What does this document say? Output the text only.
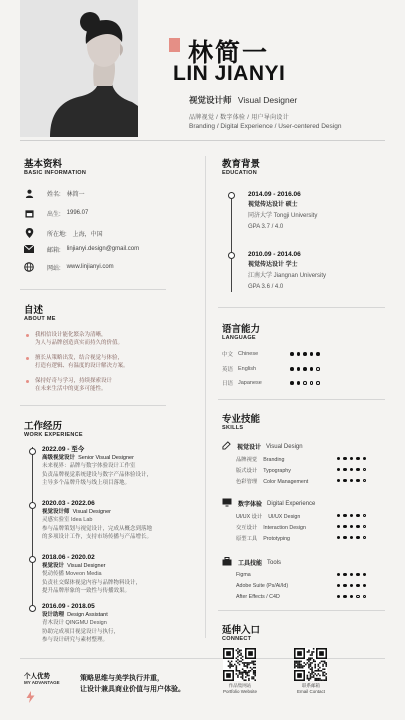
林简一
LIN JIANYI
视觉设计师 Visual Designer
品牌视觉 / 数字体验 / 用户导向设计
Branding / Digital Experience / User-centered Design
基本资料
BASIC INFORMATION
姓名: 林简一
出生: 1996.07
所在地: 上海，中国
邮箱: linjianyi.design@gmail.com
网站: www.linjianyi.com
自述
ABOUT ME
我相信设计能化繁杂为清晰，
为人与品牌创造真实而持久的价值。
擅长从策略出发，结合视觉与体验，
打造有逻辑、有温度的设计解决方案。
保持好奇与学习，持续探索设计
在未来生活中的更多可能性。
工作经历
WORK EXPERIENCE
2022.09 - 至今
高级视觉设计 Senior Visual Designer
未来视界：品牌与数字体验设计工作室
负责品牌视觉系统建设与数字产品体验设计，
主导多个品牌升级与线上项目落地。
2020.03 - 2022.06
视觉设计师 Visual Designer
灵感实验室 Idea Lab
参与品牌策划与视觉设计，完成从概念到落地
的多项设计工作，支持市场传播与产品增长。
2018.06 - 2020.02
视觉设计 Visual Designer
悦动传播 Moveon Media
负责社交媒体视觉内容与品牌物料设计，
提升品牌形象的一致性与传播效果。
2016.09 - 2018.05
设计助理 Design Assistant
青木设计 QINGMU Design
协助完成项目视觉设计与执行，
参与设计研究与素材整理。
个人优势
MY ADVANTAGE
策略思维与美学执行并重，
让设计兼具商业价值与用户体验。
教育背景
EDUCATION
2014.09 - 2016.06
视觉传达设计 硕士
同济大学 Tongji University
GPA 3.7 / 4.0
2010.09 - 2014.06
视觉传达设计 学士
江南大学 Jiangnan University
GPA 3.6 / 4.0
语言能力
LANGUAGE
中文 Chinese
英语 English
日语 Japanese
专业技能
SKILLS
视觉设计 Visual Design
品牌视觉 Branding
版式设计 Typography
色彩管理 Color Management
数字体验 Digital Experience
UI/UX 设计 UI/UX Design
交互设计 Interaction Design
原型工具 Prototyping
工具技能 Tools
Figma
Adobe Suite (Ps/Ai/Id)
After Effects / C4D
延伸入口
CONNECT
作品集网站
Portfolio Website
联系邮箱
Email Contact
